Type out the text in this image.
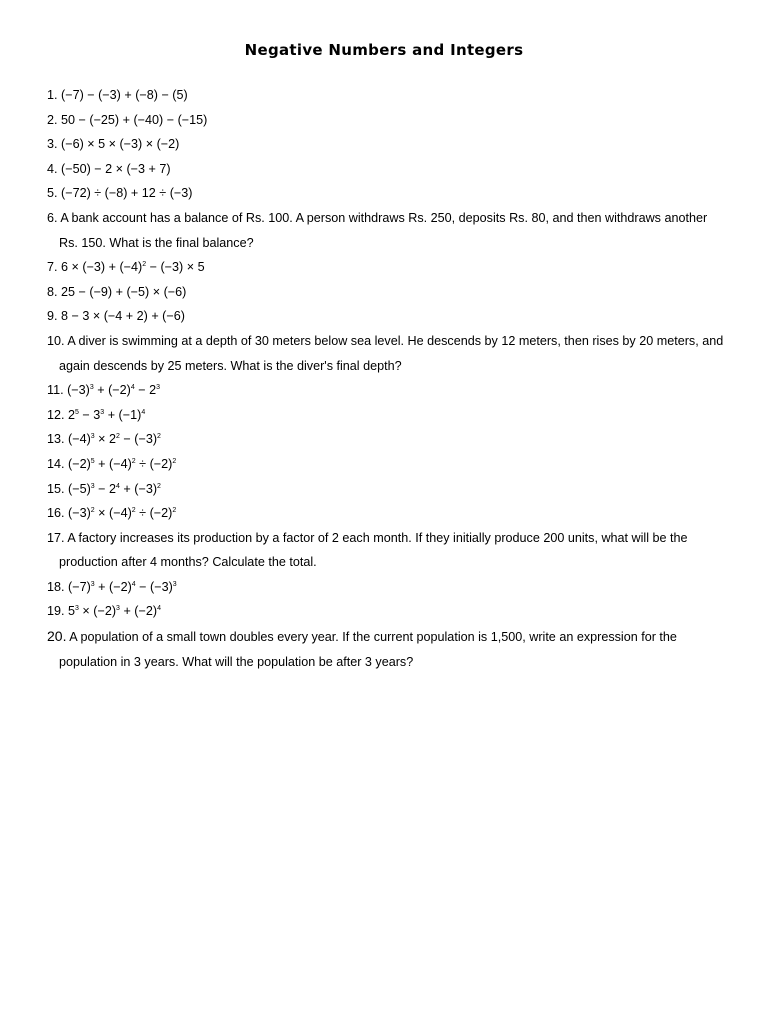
Negative Numbers and Integers
1. (−7) − (−3) + (−8) − (5)
2. 50 − (−25) + (−40) − (−15)
3. (−6) × 5 × (−3) × (−2)
4. (−50) − 2 × (−3 + 7)
5. (−72) ÷ (−8) + 12 ÷ (−3)
6. A bank account has a balance of Rs. 100. A person withdraws Rs. 250, deposits Rs. 80, and then withdraws another Rs. 150. What is the final balance?
7. $6 \times (-3) + (-4)^2 - (-3) \times 5$
8. 25 − (−9) + (−5) × (−6)
9. 8 − 3 × (−4 + 2) + (−6)
10. A diver is swimming at a depth of 30 meters below sea level. He descends by 12 meters, then rises by 20 meters, and again descends by 25 meters. What is the diver's final depth?
11. $(-3)^3 + (-2)^4 - 2^3$
12. $2^5 - 3^3 + (-1)^4$
13. $(-4)^3 \times 2^2 - (-3)^2$
14. $(-2)^5 + (-4)^2 \div (-2)^2$
15. $(-5)^3 - 2^4 + (-3)^2$
16. $(-3)^2 \times (-4)^2 \div (-2)^2$
17. A factory increases its production by a factor of 2 each month. If they initially produce 200 units, what will be the production after 4 months? Calculate the total.
18. $(-7)^3 + (-2)^4 - (-3)^3$
19. $5^3 \times (-2)^3 + (-2)^4$
20. A population of a small town doubles every year. If the current population is 1,500, write an expression for the population in 3 years. What will the population be after 3 years?
